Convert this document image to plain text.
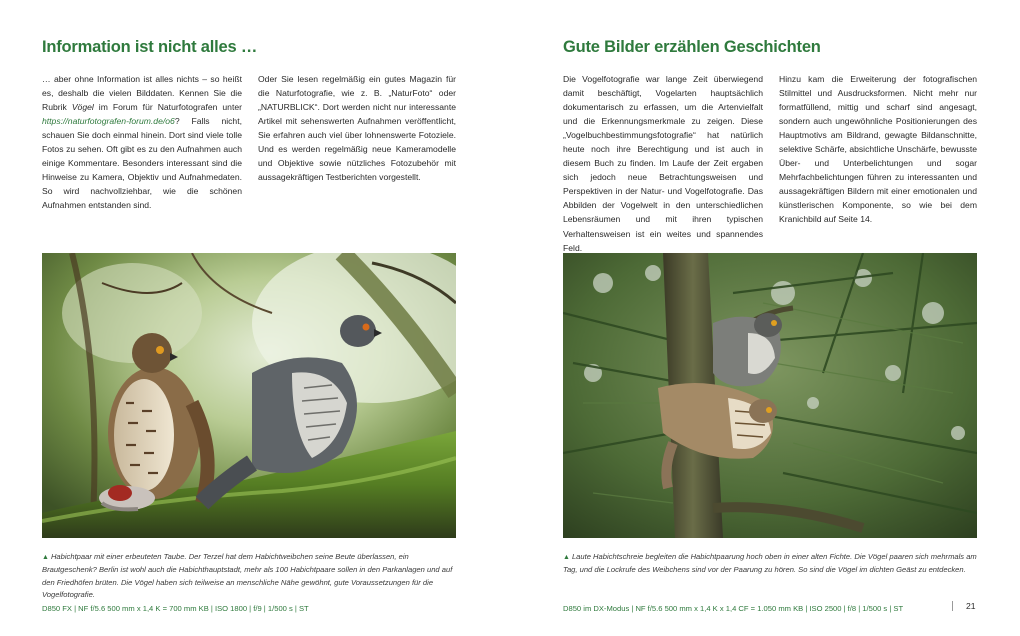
Information ist nicht alles …
… aber ohne Information ist alles nichts – so heißt es, deshalb die vielen Bilddaten. Kennen Sie die Rubrik Vögel im Forum für Naturfotografen unter https://naturfotografen-forum.de/o6? Falls nicht, schauen Sie doch einmal hinein. Dort sind viele tolle Fotos zu sehen. Oft gibt es zu den Aufnahmen auch einige Kommentare. Besonders interessant sind die Hinweise zu Kamera, Objektiv und Aufnahmedaten. So wird nachvollziehbar, wie die schönen Aufnahmen entstanden sind.
Oder Sie lesen regelmäßig ein gutes Magazin für die Naturfotografie, wie z. B. „NaturFoto“ oder „NATURBLICK“. Dort werden nicht nur interessante Artikel mit sehenswerten Aufnahmen veröffentlicht, Sie erfahren auch viel über lohnenswerte Fotoziele. Und es werden regelmäßig neue Kameramodelle und Objektive sowie nützliches Fotozubehör mit aussagekräftigen Testberichten vorgestellt.
▲ Habichtpaar mit einer erbeuteten Taube. Der Terzel hat dem Habichtweibchen seine Beute überlassen, ein Brautgeschenk? Berlin ist wohl auch die Habichthauptstadt, mehr als 100 Habichtpaare sollen in den Parkanlagen und auf den Friedhöfen brüten. Die Vögel haben sich teilweise an menschliche Nähe gewöhnt, gute Voraussetzungen für die Vogelfotografie.
D850 FX | NF f/5.6 500 mm x 1,4 K = 700 mm KB | ISO 1800 | f/9 | 1/500 s | ST
Gute Bilder erzählen Geschichten
Die Vogelfotografie war lange Zeit überwiegend damit beschäftigt, Vogelarten hauptsächlich dokumentarisch zu erfassen, um die Artenvielfalt und die Erkennungsmerkmale zu zeigen. Diese „Vogelbuchbestimmungsfotografie“ hat natürlich heute noch ihre Berechtigung und ist auch in diesem Buch zu finden. Im Laufe der Zeit ergaben sich jedoch neue Betrachtungsweisen und Perspektiven in der Natur- und Vogelfotografie. Das Abbilden der Vogelwelt in den unterschiedlichen Lebensräumen und mit ihren typischen Verhaltensweisen ist ein weites und spannendes Feld.
Hinzu kam die Erweiterung der fotografischen Stilmittel und Ausdrucksformen. Nicht mehr nur formatfüllend, mittig und scharf sind angesagt, sondern auch ungewöhnliche Positionierungen des Hauptmotivs am Bildrand, gewagte Bildanschnitte, selektive Schärfe, absichtliche Unschärfe, bewusste Über- und Unterbelichtungen und sogar Mehrfachbelichtungen führen zu interessanten und aussagekräftigen Bildern mit einer emotionalen und künstlerischen Komponente, so wie bei dem Kranichbild auf Seite 14.
▲ Laute Habichtschreie begleiten die Habichtpaarung hoch oben in einer alten Fichte. Die Vögel paaren sich mehrmals am Tag, und die Lockrufe des Weibchens sind vor der Paarung zu hören. So sind die Vögel im dichten Geäst zu entdecken.
D850 im DX-Modus | NF f/5.6 500 mm x 1,4 K x 1,4 CF = 1.050 mm KB | ISO 2500 | f/8 | 1/500 s | ST	21
